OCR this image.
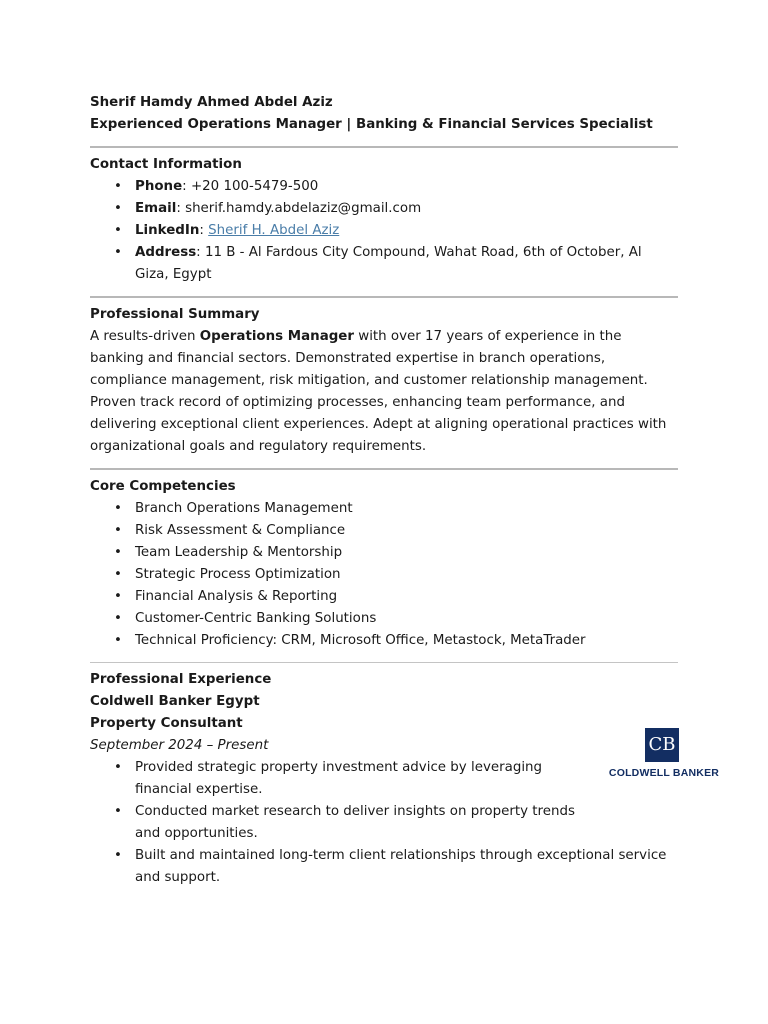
Sherif Hamdy Ahmed Abdel Aziz
Experienced Operations Manager | Banking & Financial Services Specialist
Contact Information
• Phone: +20 100-5479-500
• Email: sherif.hamdy.abdelaziz@gmail.com
• LinkedIn: Sherif H. Abdel Aziz
• Address: 11 B - Al Fardous City Compound, Wahat Road, 6th of October, Al Giza, Egypt
Professional Summary

A results-driven Operations Manager with over 17 years of experience in the banking and financial sectors. Demonstrated expertise in branch operations, compliance management, risk mitigation, and customer relationship management. Proven track record of optimizing processes, enhancing team performance, and delivering exceptional client experiences. Adept at aligning operational practices with organizational goals and regulatory requirements.

Core Competencies
• Branch Operations Management
• Risk Assessment & Compliance
• Team Leadership & Mentorship
• Strategic Process Optimization
• Financial Analysis & Reporting
• Customer-Centric Banking Solutions
• Technical Proficiency: CRM, Microsoft Office, Metastock, MetaTrader
Professional Experience
Coldwell Banker Egypt
Property Consultant
September 2024 – Present
• Provided strategic property investment advice by leveraging financial expertise.
• Conducted market research to deliver insights on property trends and opportunities.
• Built and maintained long-term client relationships through exceptional service and support.
CB
COLDWELL BANKER
